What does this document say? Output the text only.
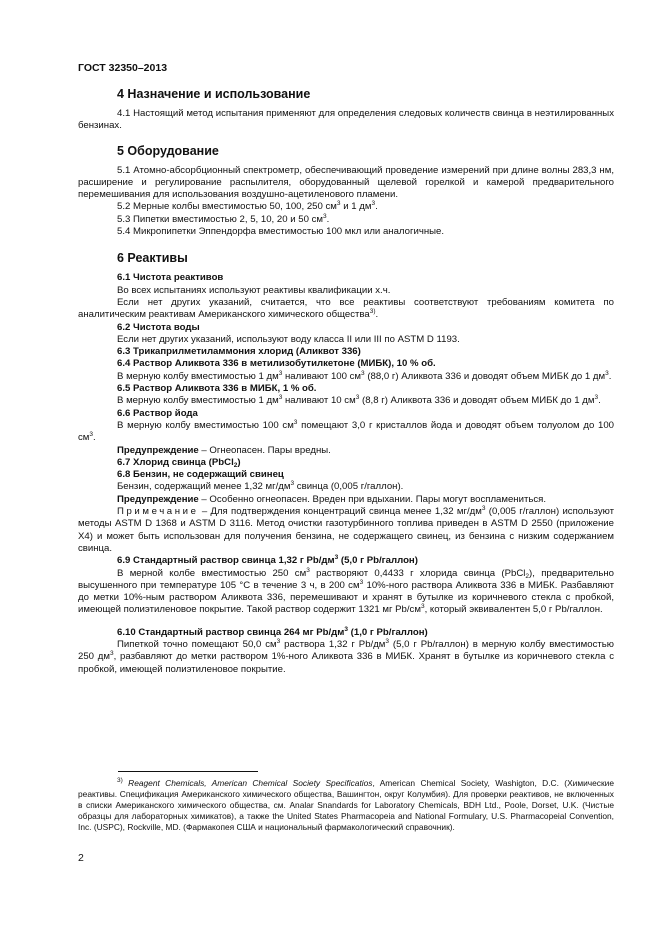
ГОСТ 32350–2013
4 Назначение и использование

4.1 Настоящий метод испытания применяют для определения следовых количеств свинца в неэтилированных бензинах.

5 Оборудование

5.1 Атомно-абсорбционный спектрометр, обеспечивающий проведение измерений при длине волны 283,3 нм, расширение и регулирование распылителя, оборудованный щелевой горелкой и камерой предварительного перемешивания для использования воздушно-ацетиленового пламени.

5.2 Мерные колбы вместимостью 50, 100, 250 $см^3$ и 1 $дм^3$.

5.3 Пипетки вместимостью 2, 5, 10, 20 и 50 $см^3$.

5.4 Микропипетки Эппендорфа вместимостью 100 мкл или аналогичные.

6 Реактивы

6.1 Чистота реактивов

Во всех испытаниях используют реактивы квалификации х.ч.

Если нет других указаний, считается, что все реактивы соответствуют требованиям комитета по аналитическим реактивам Американского химического общества$^{3)}$.

6.2 Чистота воды

Если нет других указаний, используют воду класса II или III по ASTM D 1193.

6.3 Трикаприлметиламмония хлорид (Аликвот 336)

6.4 Раствор Аликвота 336 в метилизобутилкетоне (МИБК), 10 % об.

В мерную колбу вместимостью 1 $дм^3$ наливают 100 $см^3$ (88,0 г) Аликвота 336 и доводят объем МИБК до 1 $дм^3$.

6.5 Раствор Аликвота 336 в МИБК, 1 % об.

В мерную колбу вместимостью 1 $дм^3$ наливают 10 $см^3$ (8,8 г) Аликвота 336 и доводят объем МИБК до 1 $дм^3$.

6.6 Раствор йода

В мерную колбу вместимостью 100 $см^3$ помещают 3,0 г кристаллов йода и доводят объем толуолом до 100 $см^3$.

Предупреждение – Огнеопасен. Пары вредны.

6.7 Хлорид свинца (PbCl$_2$)

6.8 Бензин, не содержащий свинец

Бензин, содержащий менее 1,32 $мг/дм^3$ свинца (0,005 г/галлон).

Предупреждение – Особенно огнеопасен. Вреден при вдыхании. Пары могут воспламениться.

Примечание – Для подтверждения концентраций свинца менее 1,32 $мг/дм^3$ (0,005 г/галлон) используют методы ASTM D 1368 и ASTM D 3116. Метод очистки газотурбинного топлива приведен в ASTM D 2550 (приложение Х4) и может быть использован для получения бензина, не содержащего свинец, из бензина с низким содержанием свинца.

6.9 Стандартный раствор свинца 1,32 г $Pb/дм^3$ (5,0 г Pb/галлон)

В мерной колбе вместимостью 250 $см^3$ растворяют 0,4433 г хлорида свинца (PbCl$_2$), предварительно высушенного при температуре 105 °С в течение 3 ч, в 200 $см^3$ 10%-ного раствора Аликвота 336 в МИБК. Разбавляют до метки 10%-ным раствором Аликвота 336, перемешивают и хранят в бутылке из коричневого стекла с пробкой, имеющей полиэтиленовое покрытие. Такой раствор содержит 1321 мг $Pb/см^3$, который эквивалентен 5,0 г Pb/галлон.

6.10 Стандартный раствор свинца 264 мг $Pb/дм^3$ (1,0 г Pb/галлон)

Пипеткой точно помещают 50,0 $см^3$ раствора 1,32 г $Pb/дм^3$ (5,0 г Pb/галлон) в мерную колбу вместимостью 250 $дм^3$, разбавляют до метки раствором 1%-ного Аликвота 336 в МИБК. Хранят в бутылке из коричневого стекла с пробкой, имеющей полиэтиленовое покрытие.

$^{3)}$ Reagent Chemicals, American Chemical Society Specificatios, American Chemical Society, Washigton, D.C. (Химические реактивы. Спецификация Американского химического общества, Вашингтон, округ Колумбия). Для проверки реактивов, не включенных в списки Американского химического общества, см. Analar Snandards for Laboratory Chemicals, BDH Ltd., Poole, Dorset, U.K. (Чистые образцы для лабораторных химикатов), а также the United States Pharmacopeia and National Formulary, U.S. Pharmacopeial Convention, Inc. (USPC), Rockville, MD. (Фармакопея США и национальный фармакологический справочник).

2
